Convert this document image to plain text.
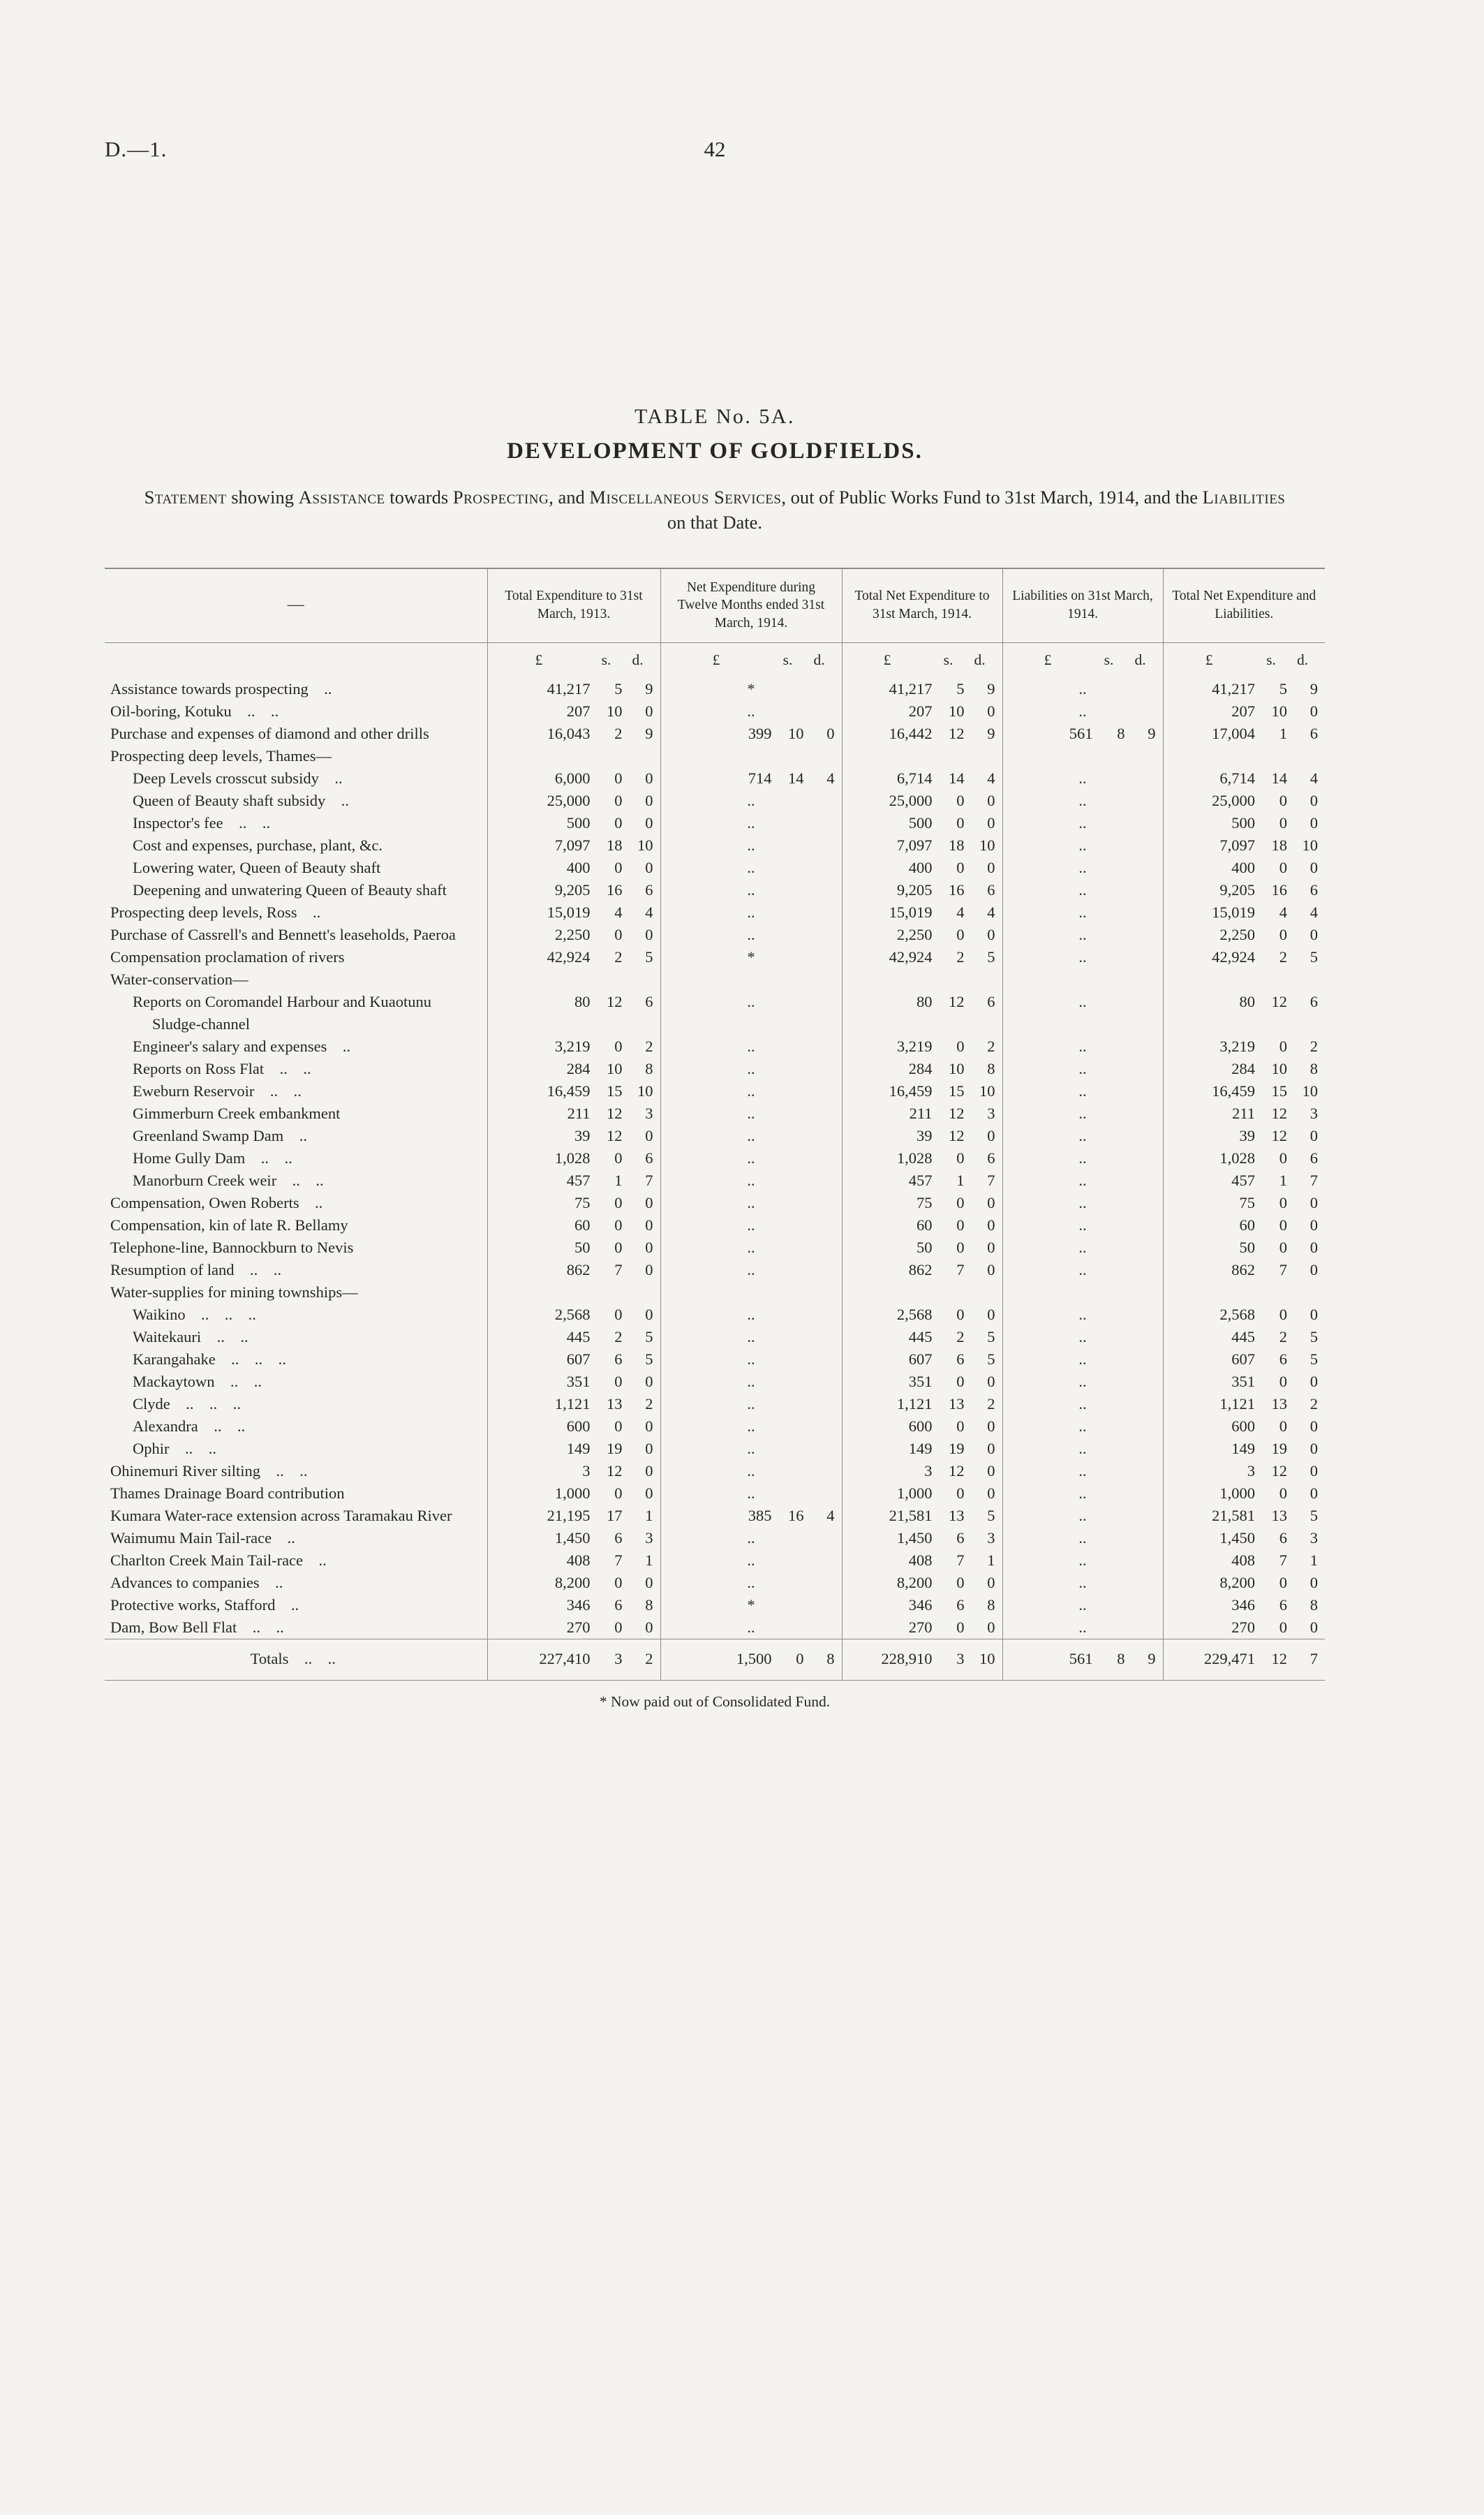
D.—1.	42
TABLE No. 5A.
DEVELOPMENT OF GOLDFIELDS.

Statement showing Assistance towards Prospecting, and Miscellaneous Services, out of Public Works Fund to 31st March, 1914, and the Liabilities on that Date.

—	Total Expenditure to 31st March, 1913.	Net Expenditure during Twelve Months ended 31st March, 1914.	Total Net Expenditure to 31st March, 1914.	Liabilities on 31st March, 1914.	Total Net Expenditure and Liabilities.

	£ s. d.	£ s. d.	£ s. d.	£ s. d.	£ s. d.

Assistance towards prospecting ..	41,217 5 9	*	41,217 5 9	..	41,217 5 9

Oil-boring, Kotuku .. ..	207 10 0	..	207 10 0	..	207 10 0

Purchase and expenses of diamond and other drills	16,043 2 9	399 10 0	16,442 12 9	561 8 9	17,004 1 6

Prospecting deep levels, Thames—					
Deep Levels crosscut subsidy ..	6,000 0 0	714 14 4	6,714 14 4	..	6,714 14 4

Queen of Beauty shaft subsidy ..	25,000 0 0	..	25,000 0 0	..	25,000 0 0

Inspector's fee .. ..	500 0 0	..	500 0 0	..	500 0 0

Cost and expenses, purchase, plant, &c.	7,097 18 10	..	7,097 18 10	..	7,097 18 10

Lowering water, Queen of Beauty shaft	400 0 0	..	400 0 0	..	400 0 0

Deepening and unwatering Queen of Beauty shaft	9,205 16 6	..	9,205 16 6	..	9,205 16 6

Prospecting deep levels, Ross ..	15,019 4 4	..	15,019 4 4	..	15,019 4 4

Purchase of Cassrell's and Bennett's leaseholds, Paeroa	2,250 0 0	..	2,250 0 0	..	2,250 0 0

Compensation proclamation of rivers	42,924 2 5	*	42,924 2 5	..	42,924 2 5

Water-conservation—					
Reports on Coromandel Harbour and Kuaotunu Sludge-channel	80 12 6	..	80 12 6	..	80 12 6

Engineer's salary and expenses ..	3,219 0 2	..	3,219 0 2	..	3,219 0 2

Reports on Ross Flat .. ..	284 10 8	..	284 10 8	..	284 10 8

Eweburn Reservoir .. ..	16,459 15 10	..	16,459 15 10	..	16,459 15 10

Gimmerburn Creek embankment	211 12 3	..	211 12 3	..	211 12 3

Greenland Swamp Dam ..	39 12 0	..	39 12 0	..	39 12 0

Home Gully Dam .. ..	1,028 0 6	..	1,028 0 6	..	1,028 0 6

Manorburn Creek weir .. ..	457 1 7	..	457 1 7	..	457 1 7

Compensation, Owen Roberts ..	75 0 0	..	75 0 0	..	75 0 0

Compensation, kin of late R. Bellamy	60 0 0	..	60 0 0	..	60 0 0

Telephone-line, Bannockburn to Nevis	50 0 0	..	50 0 0	..	50 0 0

Resumption of land .. ..	862 7 0	..	862 7 0	..	862 7 0

Water-supplies for mining townships—					
Waikino .. .. ..	2,568 0 0	..	2,568 0 0	..	2,568 0 0

Waitekauri .. ..	445 2 5	..	445 2 5	..	445 2 5

Karangahake .. .. ..	607 6 5	..	607 6 5	..	607 6 5

Mackaytown .. ..	351 0 0	..	351 0 0	..	351 0 0

Clyde .. .. ..	1,121 13 2	..	1,121 13 2	..	1,121 13 2

Alexandra .. ..	600 0 0	..	600 0 0	..	600 0 0

Ophir .. ..	149 19 0	..	149 19 0	..	149 19 0

Ohinemuri River silting .. ..	3 12 0	..	3 12 0	..	3 12 0

Thames Drainage Board contribution	1,000 0 0	..	1,000 0 0	..	1,000 0 0

Kumara Water-race extension across Taramakau River	21,195 17 1	385 16 4	21,581 13 5	..	21,581 13 5

Waimumu Main Tail-race ..	1,450 6 3	..	1,450 6 3	..	1,450 6 3

Charlton Creek Main Tail-race ..	408 7 1	..	408 7 1	..	408 7 1

Advances to companies ..	8,200 0 0	..	8,200 0 0	..	8,200 0 0

Protective works, Stafford ..	346 6 8	*	346 6 8	..	346 6 8

Dam, Bow Bell Flat .. ..	270 0 0	..	270 0 0	..	270 0 0

Totals .. ..	227,410 3 2	1,500 0 8	228,910 3 10	561 8 9	229,471 12 7

* Now paid out of Consolidated Fund.
